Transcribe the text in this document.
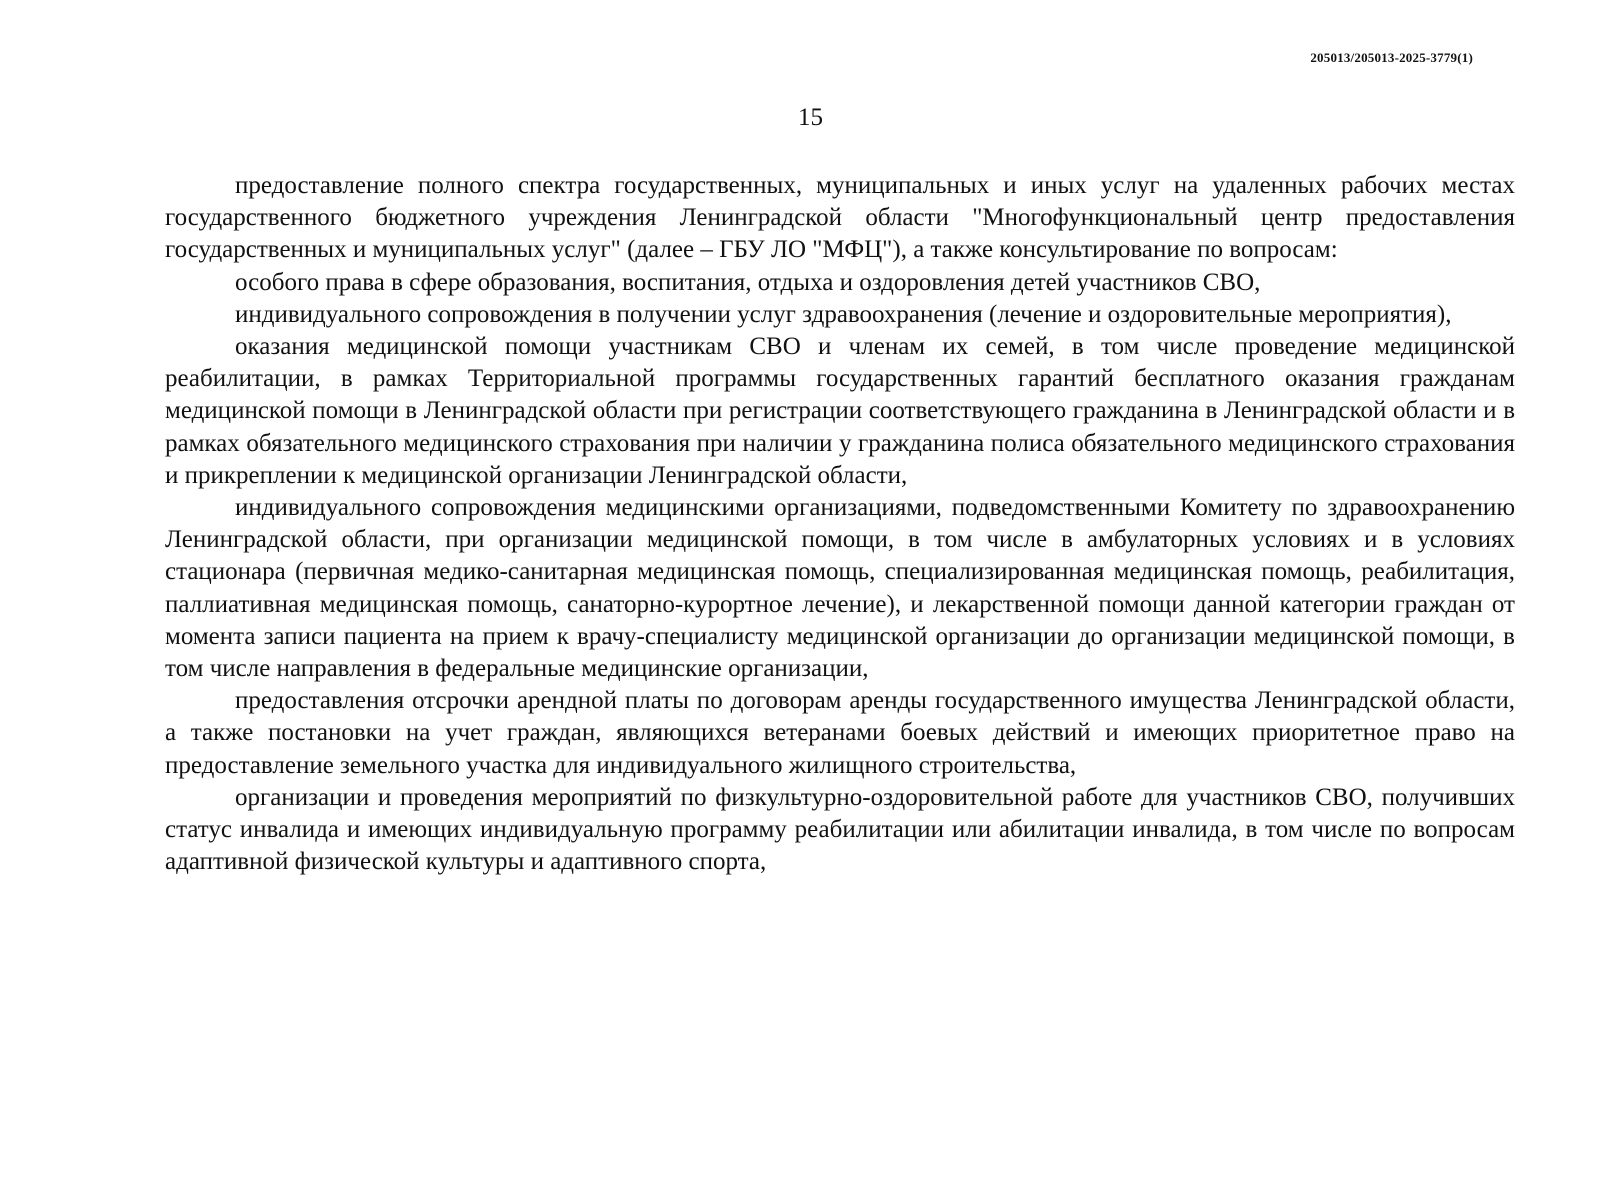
205013/205013-2025-3779(1)
15

предоставление полного спектра государственных, муниципальных и иных услуг на удаленных рабочих местах государственного бюджетного учреждения Ленинградской области "Многофункциональный центр предоставления государственных и муниципальных услуг" (далее – ГБУ ЛО "МФЦ"), а также консультирование по вопросам:

особого права в сфере образования, воспитания, отдыха и оздоровления детей участников СВО,

индивидуального сопровождения в получении услуг здравоохранения (лечение и оздоровительные мероприятия),

оказания медицинской помощи участникам СВО и членам их семей, в том числе проведение медицинской реабилитации, в рамках Территориальной программы государственных гарантий бесплатного оказания гражданам медицинской помощи в Ленинградской области при регистрации соответствующего гражданина в Ленинградской области и в рамках обязательного медицинского страхования при наличии у гражданина полиса обязательного медицинского страхования и прикреплении к медицинской организации Ленинградской области,

индивидуального сопровождения медицинскими организациями, подведомственными Комитету по здравоохранению Ленинградской области, при организации медицинской помощи, в том числе в амбулаторных условиях и в условиях стационара (первичная медико-санитарная медицинская помощь, специализированная медицинская помощь, реабилитация, паллиативная медицинская помощь, санаторно-курортное лечение), и лекарственной помощи данной категории граждан от момента записи пациента на прием к врачу-специалисту медицинской организации до организации медицинской помощи, в том числе направления в федеральные медицинские организации,

предоставления отсрочки арендной платы по договорам аренды государственного имущества Ленинградской области, а также постановки на учет граждан, являющихся ветеранами боевых действий и имеющих приоритетное право на предоставление земельного участка для индивидуального жилищного строительства,

организации и проведения мероприятий по физкультурно-оздоровительной работе для участников СВО, получивших статус инвалида и имеющих индивидуальную программу реабилитации или абилитации инвалида, в том числе по вопросам адаптивной физической культуры и адаптивного спорта,
